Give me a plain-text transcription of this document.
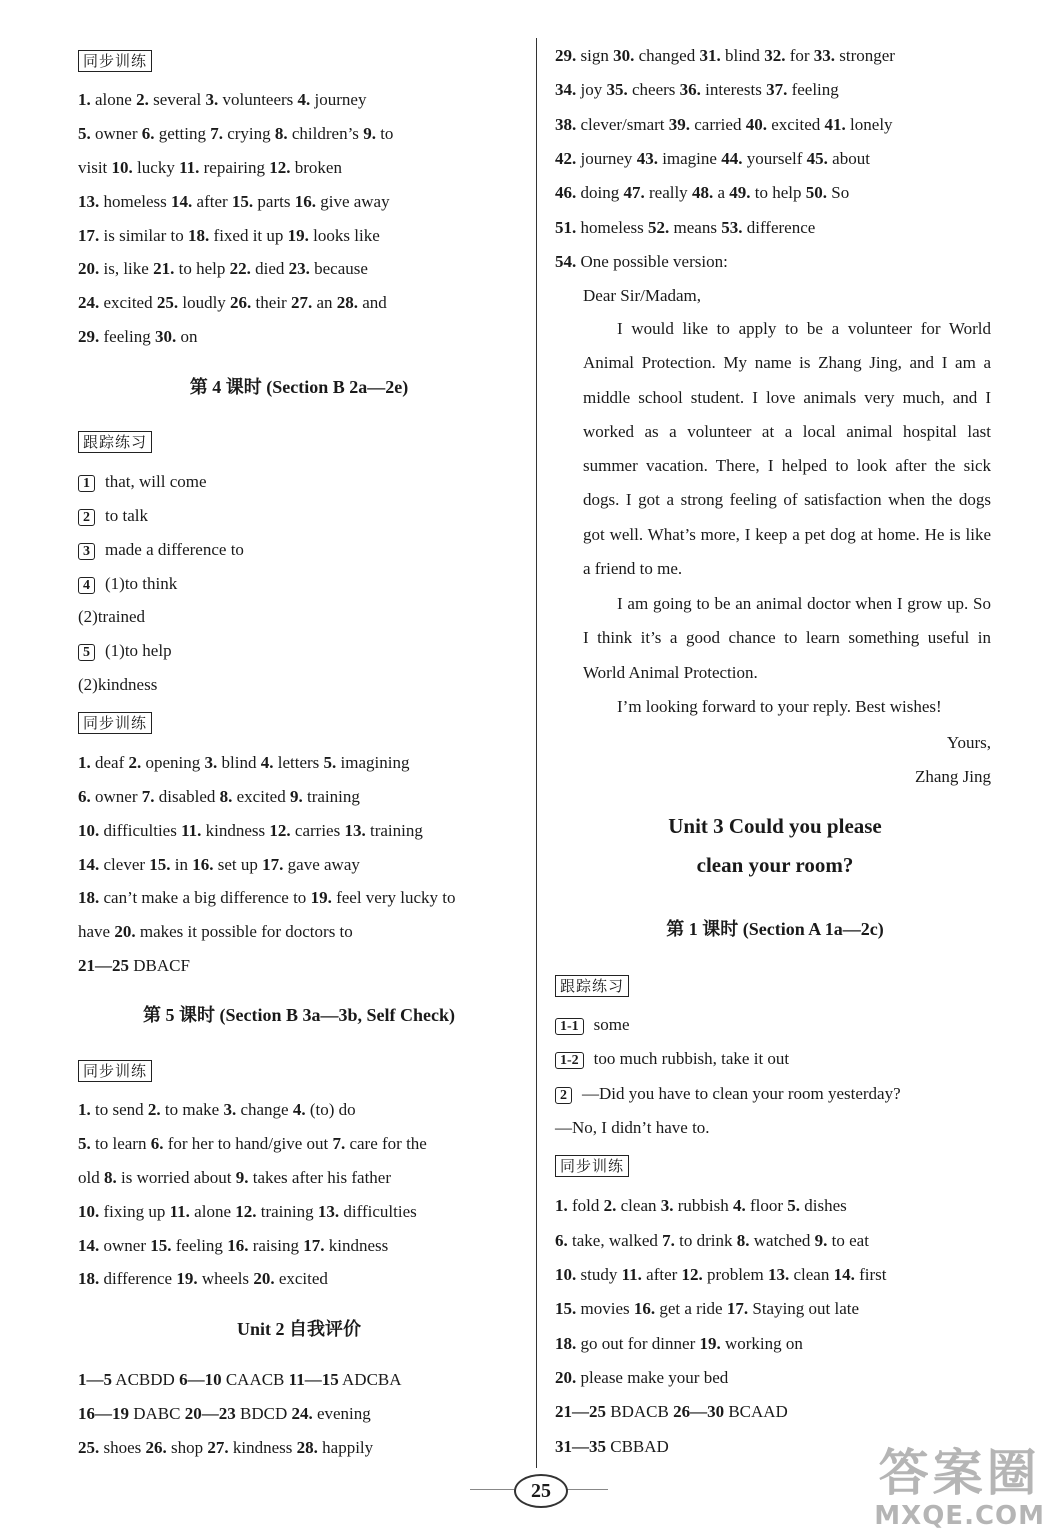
同步训练
1. alone 2. several 3. volunteers 4. journey
5. owner 6. getting 7. crying 8. children’s 9. to
visit 10. lucky 11. repairing 12. broken
13. homeless 14. after 15. parts 16. give away
17. is similar to 18. fixed it up 19. looks like
20. is, like 21. to help 22. died 23. because
24. excited 25. loudly 26. their 27. an 28. and
29. feeling 30. on
第 4 课时 (Section B 2a—2e)
跟踪练习
1 that, will come
2 to talk
3 made a difference to
4 (1)to think
(2)trained
5 (1)to help
(2)kindness
同步训练
1. deaf 2. opening 3. blind 4. letters 5. imagining
6. owner 7. disabled 8. excited 9. training
10. difficulties 11. kindness 12. carries 13. training
14. clever 15. in 16. set up 17. gave away
18. can’t make a big difference to 19. feel very lucky to
have 20. makes it possible for doctors to
21—25 DBACF
第 5 课时 (Section B 3a—3b, Self Check)
同步训练
1. to send 2. to make 3. change 4. (to) do
5. to learn 6. for her to hand/give out 7. care for the
old 8. is worried about 9. takes after his father
10. fixing up 11. alone 12. training 13. difficulties
14. owner 15. feeling 16. raising 17. kindness
18. difference 19. wheels 20. excited
Unit 2 自我评价
1—5 ACBDD 6—10 CAACB 11—15 ADCBA
16—19 DABC 20—23 BDCD 24. evening
25. shoes 26. shop 27. kindness 28. happily
29. sign 30. changed 31. blind 32. for 33. stronger
34. joy 35. cheers 36. interests 37. feeling
38. clever/smart 39. carried 40. excited 41. lonely
42. journey 43. imagine 44. yourself 45. about
46. doing 47. really 48. a 49. to help 50. So
51. homeless 52. means 53. difference
54. One possible version:
Dear Sir/Madam,
I would like to apply to be a volunteer for World Animal Protection. My name is Zhang Jing, and I am a middle school student. I love animals very much, and I worked as a volunteer at a local animal hospital last summer vacation. There, I helped to look after the sick dogs. I got a strong feeling of satisfaction when the dogs got well. What’s more, I keep a pet dog at home. He is like a friend to me.
I am going to be an animal doctor when I grow up. So I think it’s a good chance to learn something useful in World Animal Protection.
I’m looking forward to your reply. Best wishes!
Yours,
Zhang Jing
Unit 3 Could you please
clean your room?
第 1 课时 (Section A 1a—2c)
跟踪练习
1-1 some
1-2 too much rubbish, take it out
2 —Did you have to clean your room yesterday?
—No, I didn’t have to.
同步训练
1. fold 2. clean 3. rubbish 4. floor 5. dishes
6. take, walked 7. to drink 8. watched 9. to eat
10. study 11. after 12. problem 13. clean 14. first
15. movies 16. get a ride 17. Staying out late
18. go out for dinner 19. working on
20. please make your bed
21—25 BDACB 26—30 BCAAD
31—35 CBBAD
25	答案圈
MXQE.COM
